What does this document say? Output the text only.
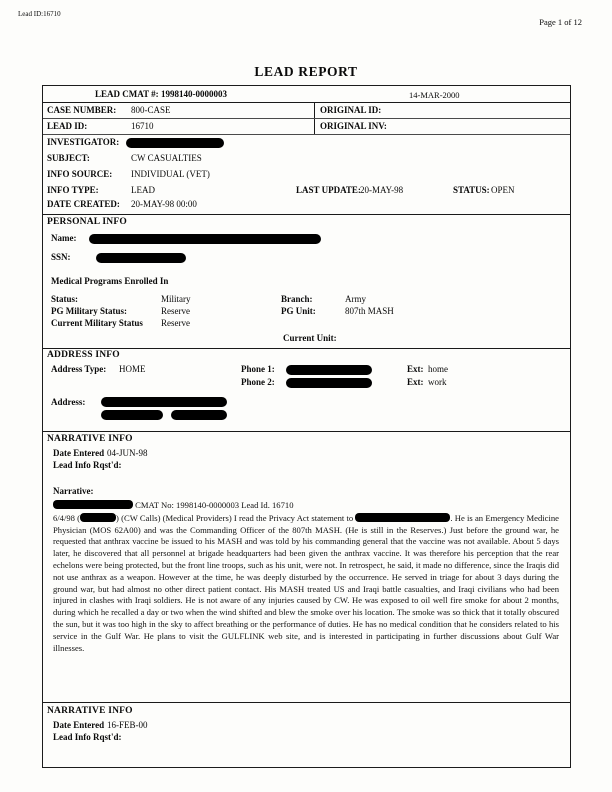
Lead ID:16710
Page 1 of 12
LEAD REPORT
LEAD CMAT #: 1998140-0000003	14-MAR-2000
CASE NUMBER: 800-CASE	ORIGINAL ID:
LEAD ID:	16710	ORIGINAL INV:
INVESTIGATOR:
SUBJECT:	CW CASUALTIES
INFO SOURCE: INDIVIDUAL (VET)
INFO TYPE:	LEAD	LAST UPDATE: 20-MAY-98	STATUS: OPEN
DATE CREATED: 20-MAY-98 00:00
PERSONAL INFO
Name:
SSN:
Medical Programs Enrolled In
Status:	Military	Branch:	Army
PG Military Status:	Reserve	PG Unit:	807th MASH
Current Military Status Reserve
Current Unit:
ADDRESS INFO
Address Type: HOME	Phone 1:	Ext: home
Phone 2:	Ext: work
Address:
NARRATIVE INFO
Date Entered 04-JUN-98
Lead Info Rqst'd:
Narrative:
CMAT No: 1998140-0000003 Lead Id. 16710
6/4/98 (	) (CW Calls) (Medical Providers) I read the Privacy Act statement to	. He is an Emergency Medicine Physician (MOS 62A00) and was the Commanding Officer of the 807th MASH. (He is still in the Reserves.) Just before the ground war, he requested that anthrax vaccine be issued to his MASH and was told by his commanding general that the vaccine was not available. About 5 days later, he discovered that all personnel at brigade headquarters had been given the anthrax vaccine. It was therefore his perception that the rear echelons were being protected, but the front line troops, such as his unit, were not. In retrospect, he said, it made no difference, since the Iraqis did not use anthrax as a weapon. However at the time, he was deeply disturbed by the occurrence. He served in triage for about 3 days during the ground war, but had almost no other direct patient contact. His MASH treated US and Iraqi battle casualties, and Iraqi civilians who had been injured in clashes with Iraqi soldiers. He is not aware of any injuries caused by CW. He was exposed to oil well fire smoke for about 2 months, during which he recalled a day or two when the wind shifted and blew the smoke over his location. The smoke was so thick that it totally obscured the sun, but it was too high in the sky to affect breathing or the performance of duties. He has no medical condition that he considers related to his service in the Gulf War. He plans to visit the GULFLINK web site, and is interested in participating in further discussions about Gulf War illnesses.
NARRATIVE INFO
Date Entered 16-FEB-00
Lead Info Rqst'd:
